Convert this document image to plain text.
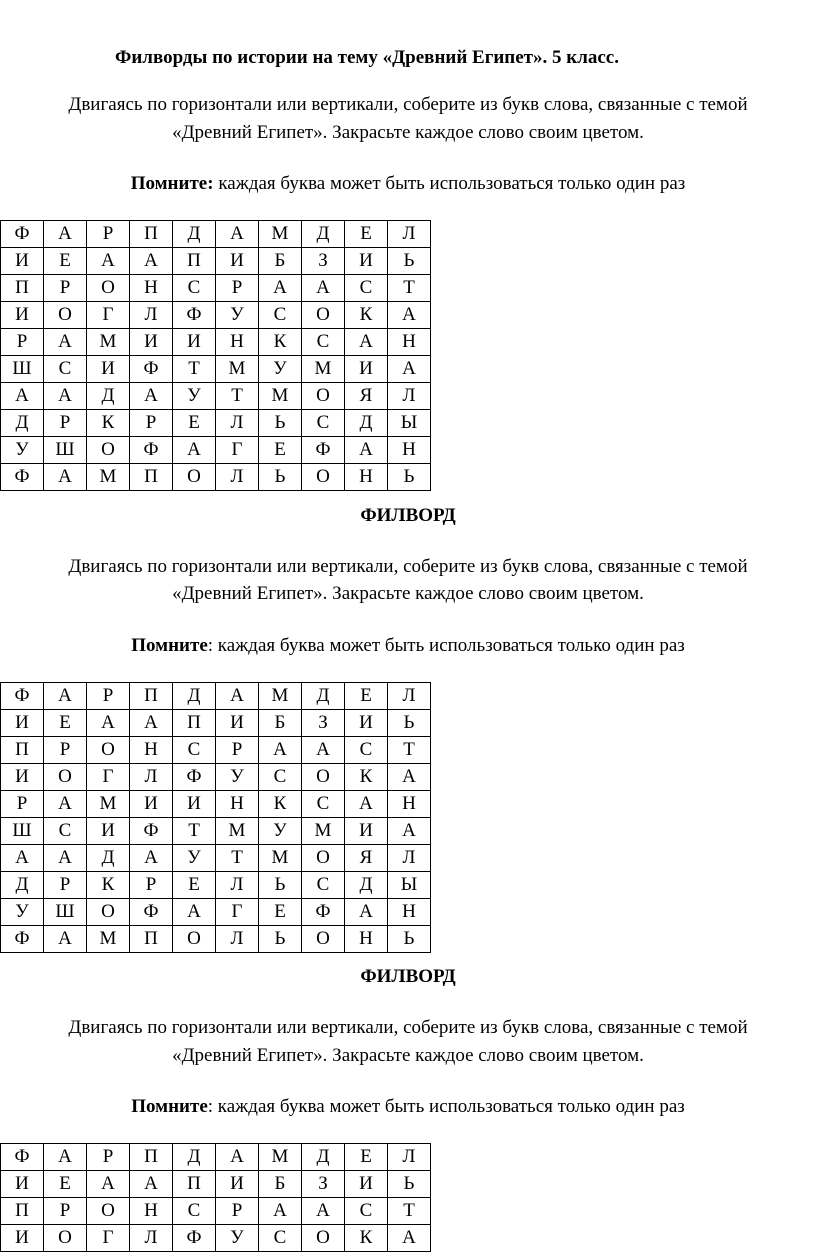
Филворды по истории на тему «Древний Египет». 5 класс.
Двигаясь по горизонтали или вертикали, соберите из букв слова, связанные с темой
«Древний Египет». Закрасьте каждое слово своим цветом.
Помните: каждая буква может быть использоваться только один раз
Ф	А	Р	П	Д	А	М	Д	Е	Л
И	Е	А	А	П	И	Б	З	И	Ь
П	Р	О	Н	С	Р	А	А	С	Т
И	О	Г	Л	Ф	У	С	О	К	А
Р	А	М	И	И	Н	К	С	А	Н
Ш	С	И	Ф	Т	М	У	М	И	А
А	А	Д	А	У	Т	М	О	Я	Л
Д	Р	К	Р	Е	Л	Ь	С	Д	Ы
У	Ш	О	Ф	А	Г	Е	Ф	А	Н
Ф	А	М	П	О	Л	Ь	О	Н	Ь
ФИЛВОРД
Двигаясь по горизонтали или вертикали, соберите из букв слова, связанные с темой
«Древний Египет». Закрасьте каждое слово своим цветом.
Помните: каждая буква может быть использоваться только один раз
Ф	А	Р	П	Д	А	М	Д	Е	Л
И	Е	А	А	П	И	Б	З	И	Ь
П	Р	О	Н	С	Р	А	А	С	Т
И	О	Г	Л	Ф	У	С	О	К	А
Р	А	М	И	И	Н	К	С	А	Н
Ш	С	И	Ф	Т	М	У	М	И	А
А	А	Д	А	У	Т	М	О	Я	Л
Д	Р	К	Р	Е	Л	Ь	С	Д	Ы
У	Ш	О	Ф	А	Г	Е	Ф	А	Н
Ф	А	М	П	О	Л	Ь	О	Н	Ь
ФИЛВОРД
Двигаясь по горизонтали или вертикали, соберите из букв слова, связанные с темой
«Древний Египет». Закрасьте каждое слово своим цветом.
Помните: каждая буква может быть использоваться только один раз
Ф	А	Р	П	Д	А	М	Д	Е	Л
И	Е	А	А	П	И	Б	З	И	Ь
П	Р	О	Н	С	Р	А	А	С	Т
И	О	Г	Л	Ф	У	С	О	К	А
